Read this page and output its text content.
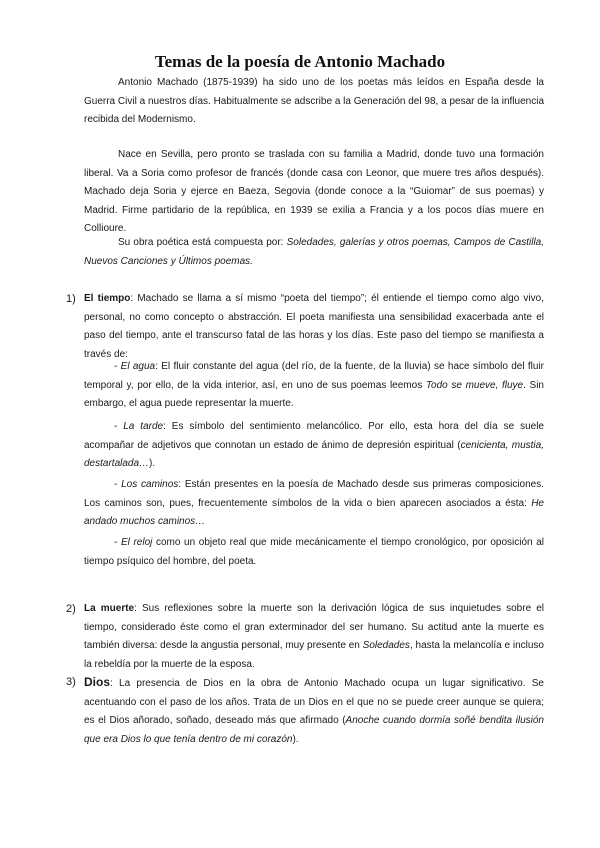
Temas de la poesía de Antonio Machado

Antonio Machado (1875-1939) ha sido uno de los poetas más leídos en España desde la Guerra Civil a nuestros días. Habitualmente se adscribe a la Generación del 98, a pesar de la influencia recibida del Modernismo.

Nace en Sevilla, pero pronto se traslada con su familia a Madrid, donde tuvo una formación liberal. Va a Soria como profesor de francés (donde casa con Leonor, que muere tres años después). Machado deja Soria y ejerce en Baeza, Segovia (donde conoce a la “Guiomar” de sus poemas) y Madrid. Firme partidario de la república, en 1939 se exilia a Francia y a los pocos días muere en Collioure.

Su obra poética está compuesta por: Soledades, galerías y otros poemas, Campos de Castilla, Nuevos Canciones y Últimos poemas.

1) El tiempo: Machado se llama a sí mismo “poeta del tiempo”; él entiende el tiempo como algo vivo, personal, no como concepto o abstracción. El poeta manifiesta una sensibilidad exacerbada ante el paso del tiempo, ante el transcurso fatal de las horas y los días. Este paso del tiempo se manifiesta a través de:

- El agua: El fluir constante del agua (del río, de la fuente, de la lluvia) se hace símbolo del fluir temporal y, por ello, de la vida interior, así, en uno de sus poemas leemos Todo se mueve, fluye. Sin embargo, el agua puede representar la muerte.

- La tarde: Es símbolo del sentimiento melancólico. Por ello, esta hora del día se suele acompañar de adjetivos que connotan un estado de ánimo de depresión espiritual (cenicienta, mustia, destartalada…).

- Los caminos: Están presentes en la poesía de Machado desde sus primeras composiciones. Los caminos son, pues, frecuentemente símbolos de la vida o bien aparecen asociados a ésta: He andado muchos caminos…

- El reloj como un objeto real que mide mecánicamente el tiempo cronológico, por oposición al tiempo psíquico del hombre, del poeta.

2) La muerte: Sus reflexiones sobre la muerte son la derivación lógica de sus inquietudes sobre el tiempo, considerado éste como el gran exterminador del ser humano. Su actitud ante la muerte es también diversa: desde la angustia personal, muy presente en Soledades, hasta la melancolía e incluso la rebeldía por la muerte de la esposa.

3) Dios: La presencia de Dios en la obra de Antonio Machado ocupa un lugar significativo. Se acentuando con el paso de los años. Trata de un Dios en el que no se puede creer aunque se quiera; es el Dios añorado, soñado, deseado más que afirmado (Anoche cuando dormía soñé bendita ilusión que era Dios lo que tenía dentro de mi corazón).
